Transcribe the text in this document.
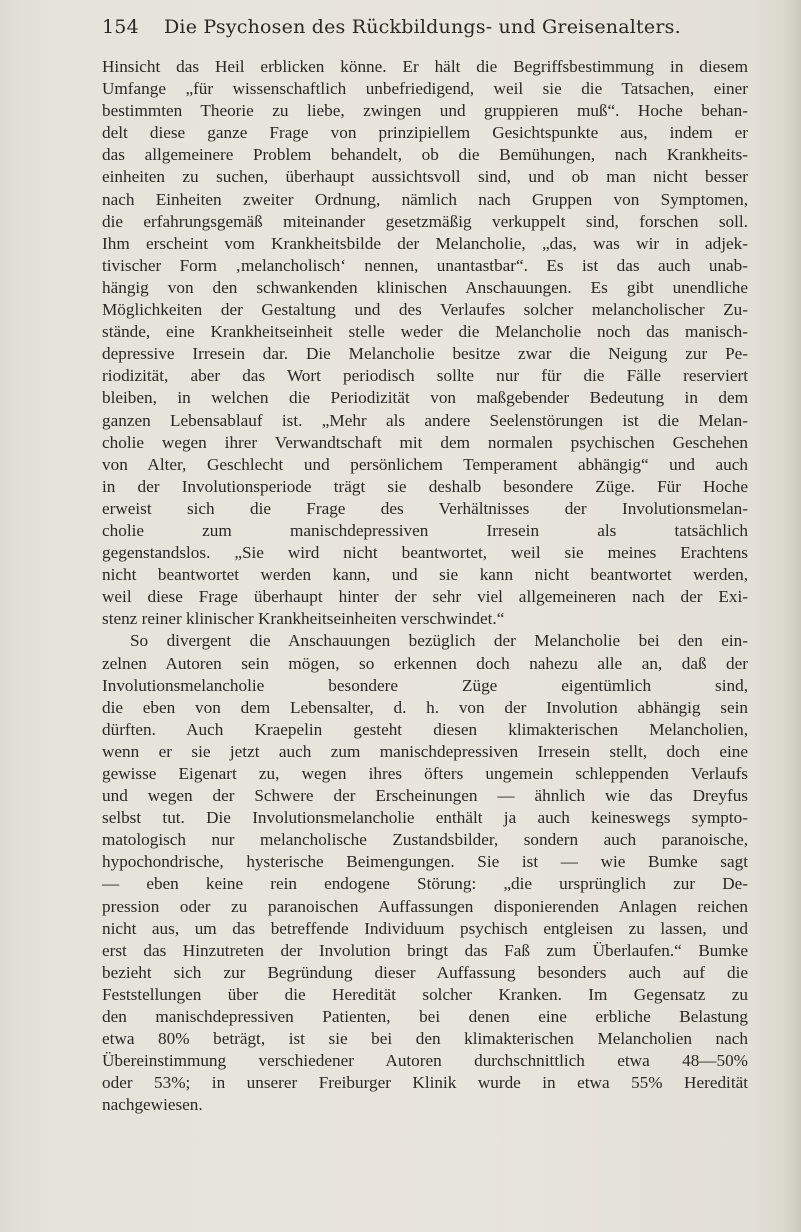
154 Die Psychosen des Rückbildungs- und Greisenalters.
Hinsicht das Heil erblicken könne. Er hält die Begriffsbestimmung in diesem
Umfange „für wissenschaftlich unbefriedigend, weil sie die Tatsachen, einer
bestimmten Theorie zu liebe, zwingen und gruppieren muß“. Hoche behan-
delt diese ganze Frage von prinzipiellem Gesichtspunkte aus, indem er
das allgemeinere Problem behandelt, ob die Bemühungen, nach Krankheits-
einheiten zu suchen, überhaupt aussichtsvoll sind, und ob man nicht besser
nach Einheiten zweiter Ordnung, nämlich nach Gruppen von Symptomen,
die erfahrungsgemäß miteinander gesetzmäßig verkuppelt sind, forschen soll.
Ihm erscheint vom Krankheitsbilde der Melancholie, „das, was wir in adjek-
tivischer Form ‚melancholisch‘ nennen, unantastbar“. Es ist das auch unab-
hängig von den schwankenden klinischen Anschauungen. Es gibt unendliche
Möglichkeiten der Gestaltung und des Verlaufes solcher melancholischer Zu-
stände, eine Krankheitseinheit stelle weder die Melancholie noch das manisch-
depressive Irresein dar. Die Melancholie besitze zwar die Neigung zur Pe-
riodizität, aber das Wort periodisch sollte nur für die Fälle reserviert
bleiben, in welchen die Periodizität von maßgebender Bedeutung in dem
ganzen Lebensablauf ist. „Mehr als andere Seelenstörungen ist die Melan-
cholie wegen ihrer Verwandtschaft mit dem normalen psychischen Geschehen
von Alter, Geschlecht und persönlichem Temperament abhängig“ und auch
in der Involutionsperiode trägt sie deshalb besondere Züge. Für Hoche
erweist sich die Frage des Verhältnisses der Involutionsmelan-
cholie zum manischdepressiven Irresein als tatsächlich
gegenstandslos. „Sie wird nicht beantwortet, weil sie meines Erachtens
nicht beantwortet werden kann, und sie kann nicht beantwortet werden,
weil diese Frage überhaupt hinter der sehr viel allgemeineren nach der Exi-
stenz reiner klinischer Krankheitseinheiten verschwindet.“
So divergent die Anschauungen bezüglich der Melancholie bei den ein-
zelnen Autoren sein mögen, so erkennen doch nahezu alle an, daß der
Involutionsmelancholie besondere Züge eigentümlich sind,
die eben von dem Lebensalter, d. h. von der Involution abhängig sein
dürften. Auch Kraepelin gesteht diesen klimakterischen Melancholien,
wenn er sie jetzt auch zum manischdepressiven Irresein stellt, doch eine
gewisse Eigenart zu, wegen ihres öfters ungemein schleppenden Verlaufs
und wegen der Schwere der Erscheinungen — ähnlich wie das Dreyfus
selbst tut. Die Involutionsmelancholie enthält ja auch keineswegs sympto-
matologisch nur melancholische Zustandsbilder, sondern auch paranoische,
hypochondrische, hysterische Beimengungen. Sie ist — wie Bumke sagt
— eben keine rein endogene Störung: „die ursprünglich zur De-
pression oder zu paranoischen Auffassungen disponierenden Anlagen reichen
nicht aus, um das betreffende Individuum psychisch entgleisen zu lassen, und
erst das Hinzutreten der Involution bringt das Faß zum Überlaufen.“ Bumke
bezieht sich zur Begründung dieser Auffassung besonders auch auf die
Feststellungen über die Heredität solcher Kranken. Im Gegensatz zu
den manischdepressiven Patienten, bei denen eine erbliche Belastung
etwa 80% beträgt, ist sie bei den klimakterischen Melancholien nach
Übereinstimmung verschiedener Autoren durchschnittlich etwa 48—50%
oder 53%; in unserer Freiburger Klinik wurde in etwa 55% Heredität
nachgewiesen.
